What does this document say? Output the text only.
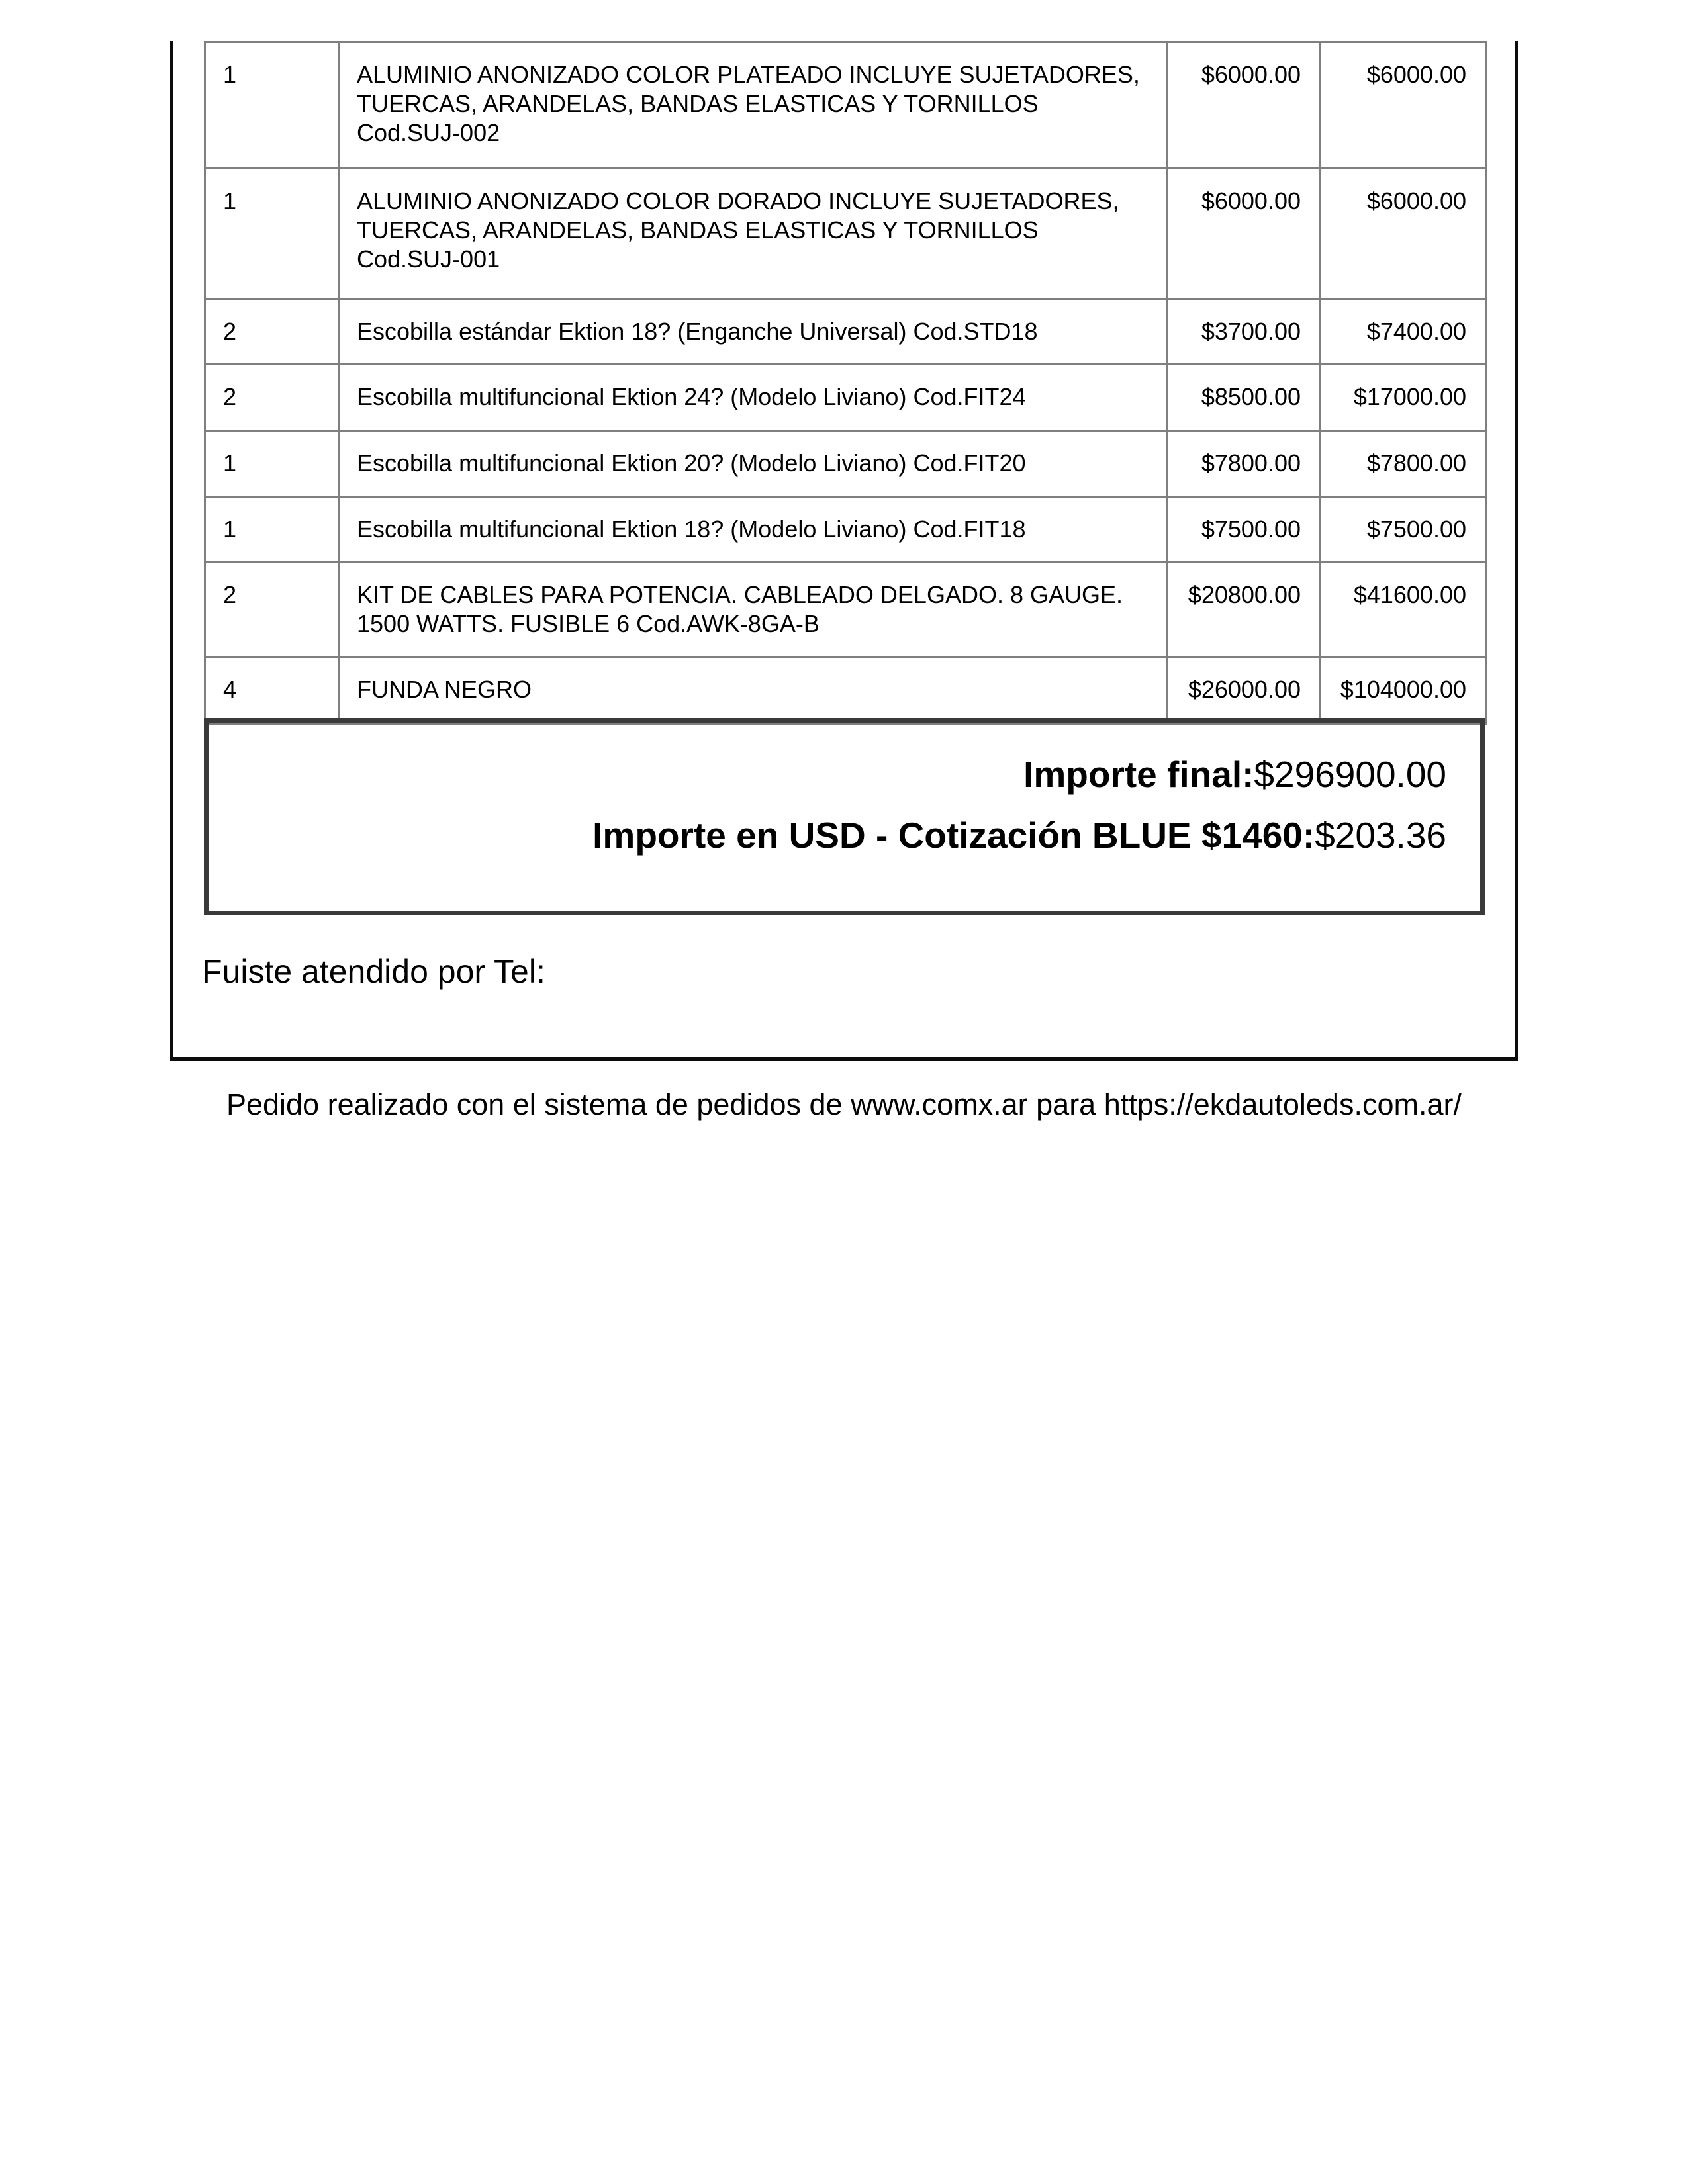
1	ALUMINIO ANONIZADO COLOR PLATEADO INCLUYE SUJETADORES, TUERCAS, ARANDELAS, BANDAS ELASTICAS Y TORNILLOS Cod.SUJ-002	$6000.00	$6000.00
1	ALUMINIO ANONIZADO COLOR DORADO INCLUYE SUJETADORES, TUERCAS, ARANDELAS, BANDAS ELASTICAS Y TORNILLOS Cod.SUJ-001	$6000.00	$6000.00
2	Escobilla estándar Ektion 18? (Enganche Universal) Cod.STD18	$3700.00	$7400.00
2	Escobilla multifuncional Ektion 24? (Modelo Liviano) Cod.FIT24	$8500.00	$17000.00
1	Escobilla multifuncional Ektion 20? (Modelo Liviano) Cod.FIT20	$7800.00	$7800.00
1	Escobilla multifuncional Ektion 18? (Modelo Liviano) Cod.FIT18	$7500.00	$7500.00
2	KIT DE CABLES PARA POTENCIA. CABLEADO DELGADO. 8 GAUGE. 1500 WATTS. FUSIBLE 6 Cod.AWK-8GA-B	$20800.00	$41600.00
4	FUNDA NEGRO	$26000.00	$104000.00
Importe final:$296900.00
Importe en USD - Cotización BLUE $1460:$203.36
Fuiste atendido por Tel:
Pedido realizado con el sistema de pedidos de www.comx.ar para https://ekdautoleds.com.ar/
